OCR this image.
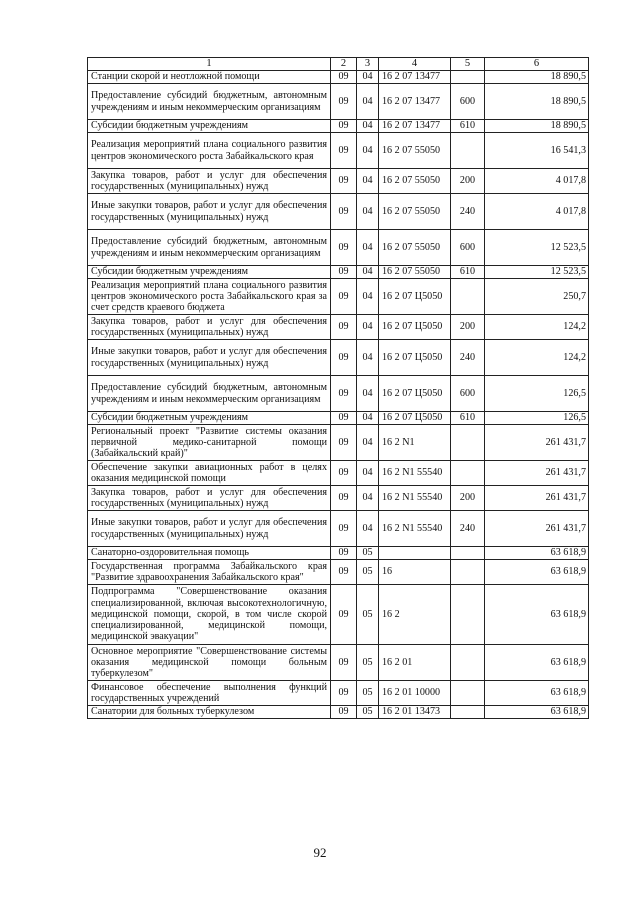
1	2	3	4	5	6
Станции скорой и неотложной помощи	09	04	16 2 07 13477		18 890,5
Предоставление субсидий бюджетным, автономным учреждениям и иным некоммерческим организациям	09	04	16 2 07 13477	600	18 890,5
Субсидии бюджетным учреждениям	09	04	16 2 07 13477	610	18 890,5
Реализация мероприятий плана социального развития центров экономического роста Забайкальского края	09	04	16 2 07 55050		16 541,3
Закупка товаров, работ и услуг для обеспечения государственных (муниципальных) нужд	09	04	16 2 07 55050	200	4 017,8
Иные закупки товаров, работ и услуг для обеспечения государственных (муниципальных) нужд	09	04	16 2 07 55050	240	4 017,8
Предоставление субсидий бюджетным, автономным учреждениям и иным некоммерческим организациям	09	04	16 2 07 55050	600	12 523,5
Субсидии бюджетным учреждениям	09	04	16 2 07 55050	610	12 523,5
Реализация мероприятий плана социального развития центров экономического роста Забайкальского края за счет средств краевого бюджета	09	04	16 2 07 Ц5050		250,7
Закупка товаров, работ и услуг для обеспечения государственных (муниципальных) нужд	09	04	16 2 07 Ц5050	200	124,2
Иные закупки товаров, работ и услуг для обеспечения государственных (муниципальных) нужд	09	04	16 2 07 Ц5050	240	124,2
Предоставление субсидий бюджетным, автономным учреждениям и иным некоммерческим организациям	09	04	16 2 07 Ц5050	600	126,5
Субсидии бюджетным учреждениям	09	04	16 2 07 Ц5050	610	126,5
Региональный проект "Развитие системы оказания первичной медико-санитарной помощи (Забайкальский край)"	09	04	16 2 N1		261 431,7
Обеспечение закупки авиационных работ в целях оказания медицинской помощи	09	04	16 2 N1 55540		261 431,7
Закупка товаров, работ и услуг для обеспечения государственных (муниципальных) нужд	09	04	16 2 N1 55540	200	261 431,7
Иные закупки товаров, работ и услуг для обеспечения государственных (муниципальных) нужд	09	04	16 2 N1 55540	240	261 431,7
Санаторно-оздоровительная помощь	09	05			63 618,9
Государственная программа Забайкальского края "Развитие здравоохранения Забайкальского края"	09	05	16		63 618,9
Подпрограмма "Совершенствование оказания специализированной, включая высокотехнологичную, медицинской помощи, скорой, в том числе скорой специализированной, медицинской помощи, медицинской эвакуации"	09	05	16 2		63 618,9
Основное мероприятие "Совершенствование системы оказания медицинской помощи больным туберкулезом"	09	05	16 2 01		63 618,9
Финансовое обеспечение выполнения функций государственных учреждений	09	05	16 2 01 10000		63 618,9
Санатории для больных туберкулезом	09	05	16 2 01 13473		63 618,9
92
